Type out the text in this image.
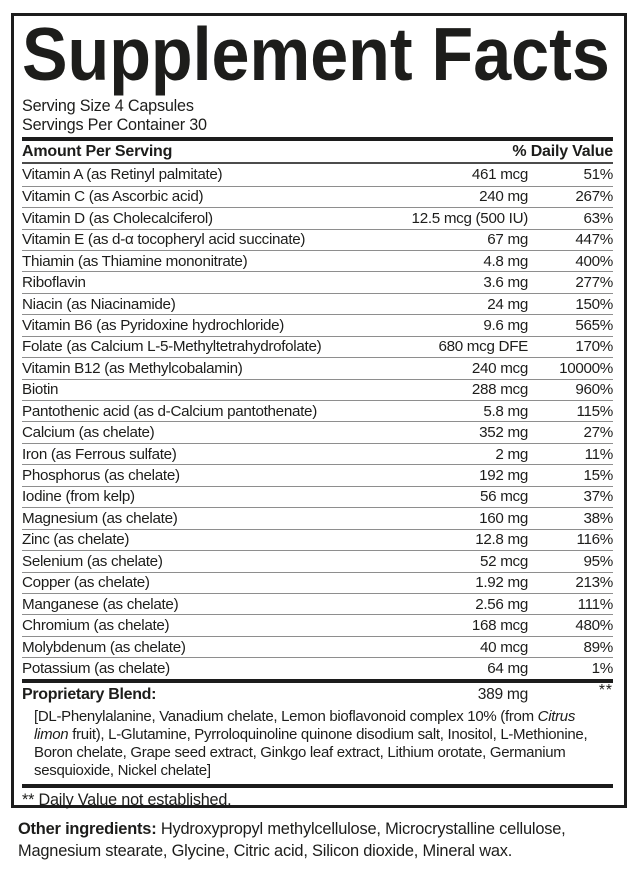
Supplement Facts
Serving Size 4 Capsules
Servings Per Container 30
Amount Per Serving	% Daily Value
Vitamin A (as Retinyl palmitate)	461 mcg	51%
Vitamin C (as Ascorbic acid)	240 mg	267%
Vitamin D (as Cholecalciferol)	12.5 mcg (500 IU)	63%
Vitamin E (as d-α tocopheryl acid succinate)	67 mg	447%
Thiamin (as Thiamine mononitrate)	4.8 mg	400%
Riboflavin	3.6 mg	277%
Niacin (as Niacinamide)	24 mg	150%
Vitamin B6 (as Pyridoxine hydrochloride)	9.6 mg	565%
Folate (as Calcium L-5-Methyltetrahydrofolate)	680 mcg DFE	170%
Vitamin B12 (as Methylcobalamin)	240 mcg	10000%
Biotin	288 mcg	960%
Pantothenic acid (as d-Calcium pantothenate)	5.8 mg	115%
Calcium (as chelate)	352 mg	27%
Iron (as Ferrous sulfate)	2 mg	11%
Phosphorus (as chelate)	192 mg	15%
Iodine (from kelp)	56 mcg	37%
Magnesium (as chelate)	160 mg	38%
Zinc (as chelate)	12.8 mg	116%
Selenium (as chelate)	52 mcg	95%
Copper (as chelate)	1.92 mg	213%
Manganese (as chelate)	2.56 mg	111%
Chromium (as chelate)	168 mcg	480%
Molybdenum (as chelate)	40 mcg	89%
Potassium (as chelate)	64 mg	1%
Proprietary Blend:	389 mg	**
[DL-Phenylalanine, Vanadium chelate, Lemon bioflavonoid complex 10% (from Citrus limon fruit), L-Glutamine, Pyrroloquinoline quinone disodium salt, Inositol, L-Methionine, Boron chelate, Grape seed extract, Ginkgo leaf extract, Lithium orotate, Germanium sesquioxide, Nickel chelate]
** Daily Value not established.
Other ingredients: Hydroxypropyl methylcellulose, Microcrystalline cellulose, Magnesium stearate, Glycine, Citric acid, Silicon dioxide, Mineral wax.
